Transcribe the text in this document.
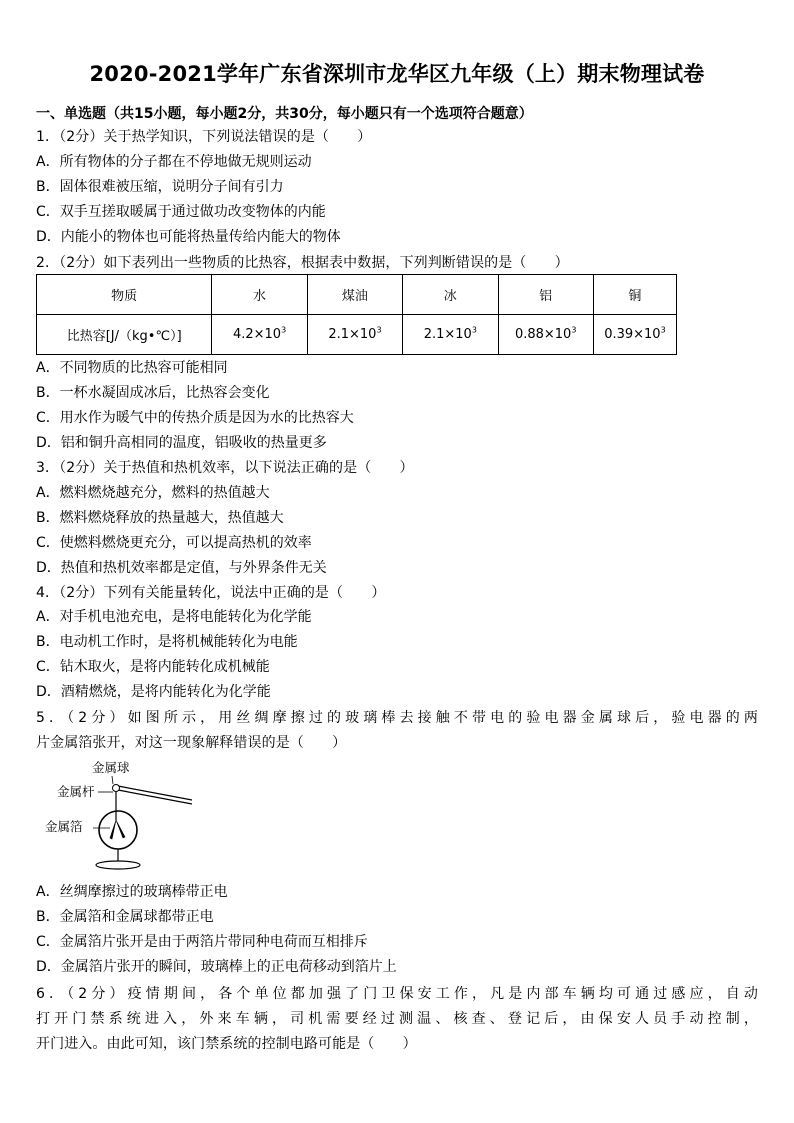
2020-2021学年广东省深圳市龙华区九年级（上）期末物理试卷
一、单选题（共15小题，每小题2分，共30分，每小题只有一个选项符合题意）
1．（2分）关于热学知识，下列说法错误的是（　　）
A．所有物体的分子都在不停地做无规则运动
B．固体很难被压缩，说明分子间有引力
C．双手互搓取暖属于通过做功改变物体的内能
D．内能小的物体也可能将热量传给内能大的物体
2．（2分）如下表列出一些物质的比热容，根据表中数据，下列判断错误的是（　　）
物质	水	煤油	冰	铝	铜
比热容[J/（kg•℃）]	$4.2\times 10^3$	$2.1\times 10^3$	$2.1\times 10^3$	$0.88\times 10^3$	$0.39\times 10^3$
A．不同物质的比热容可能相同
B．一杯水凝固成冰后，比热容会变化
C．用水作为暖气中的传热介质是因为水的比热容大
D．铝和铜升高相同的温度，铝吸收的热量更多
3．（2分）关于热值和热机效率，以下说法正确的是（　　）
A．燃料燃烧越充分，燃料的热值越大
B．燃料燃烧释放的热量越大，热值越大
C．使燃料燃烧更充分，可以提高热机的效率
D．热值和热机效率都是定值，与外界条件无关
4．（2分）下列有关能量转化，说法中正确的是（　　）
A．对手机电池充电，是将电能转化为化学能
B．电动机工作时，是将机械能转化为电能
C．钻木取火，是将内能转化成机械能
D．酒精燃烧，是将内能转化为化学能
5．（2分）如图所示，用丝绸摩擦过的玻璃棒去接触不带电的验电器金属球后，验电器的两
片金属箔张开，对这一现象解释错误的是（　　）
金属球
金属杆
金属箔
A．丝绸摩擦过的玻璃棒带正电
B．金属箔和金属球都带正电
C．金属箔片张开是由于两箔片带同种电荷而互相排斥
D．金属箔片张开的瞬间，玻璃棒上的正电荷移动到箔片上
6．（2分）疫情期间，各个单位都加强了门卫保安工作，凡是内部车辆均可通过感应，自动
打开门禁系统进入，外来车辆，司机需要经过测温、核查、登记后，由保安人员手动控制，
开门进入。由此可知，该门禁系统的控制电路可能是（　　）
